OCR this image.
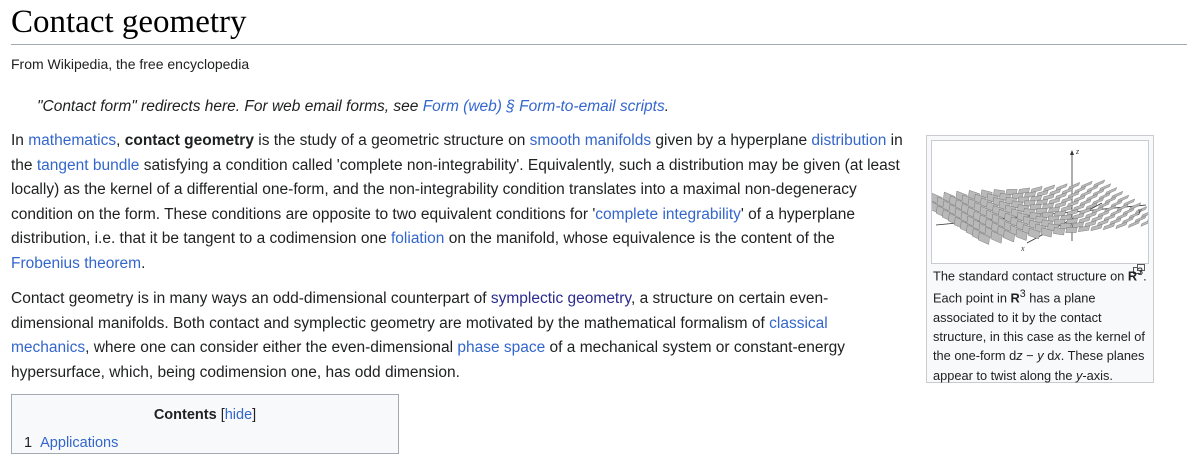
Contact geometry
From Wikipedia, the free encyclopedia
"Contact form" redirects here. For web email forms, see Form (web) § Form-to-email scripts.

In mathematics, contact geometry is the study of a geometric structure on smooth manifolds given by a hyperplane distribution in the tangent bundle satisfying a condition called 'complete non-integrability'. Equivalently, such a distribution may be given (at least locally) as the kernel of a differential one-form, and the non-integrability condition translates into a maximal non-degeneracy condition on the form. These conditions are opposite to two equivalent conditions for 'complete integrability' of a hyperplane distribution, i.e. that it be tangent to a codimension one foliation on the manifold, whose equivalence is the content of the Frobenius theorem.

Contact geometry is in many ways an odd-dimensional counterpart of symplectic geometry, a structure on certain even-dimensional manifolds. Both contact and symplectic geometry are motivated by the mathematical formalism of classical mechanics, where one can consider either the even-dimensional phase space of a mechanical system or constant-energy hypersurface, which, being codimension one, has odd dimension.

z
y
x
The standard contact structure on $R^3$. Each point in $R^3$ has a plane associated to it by the contact structure, in this case as the kernel of the one-form dz − y dx. These planes appear to twist along the y-axis.
Contents [hide]
1 Applications
